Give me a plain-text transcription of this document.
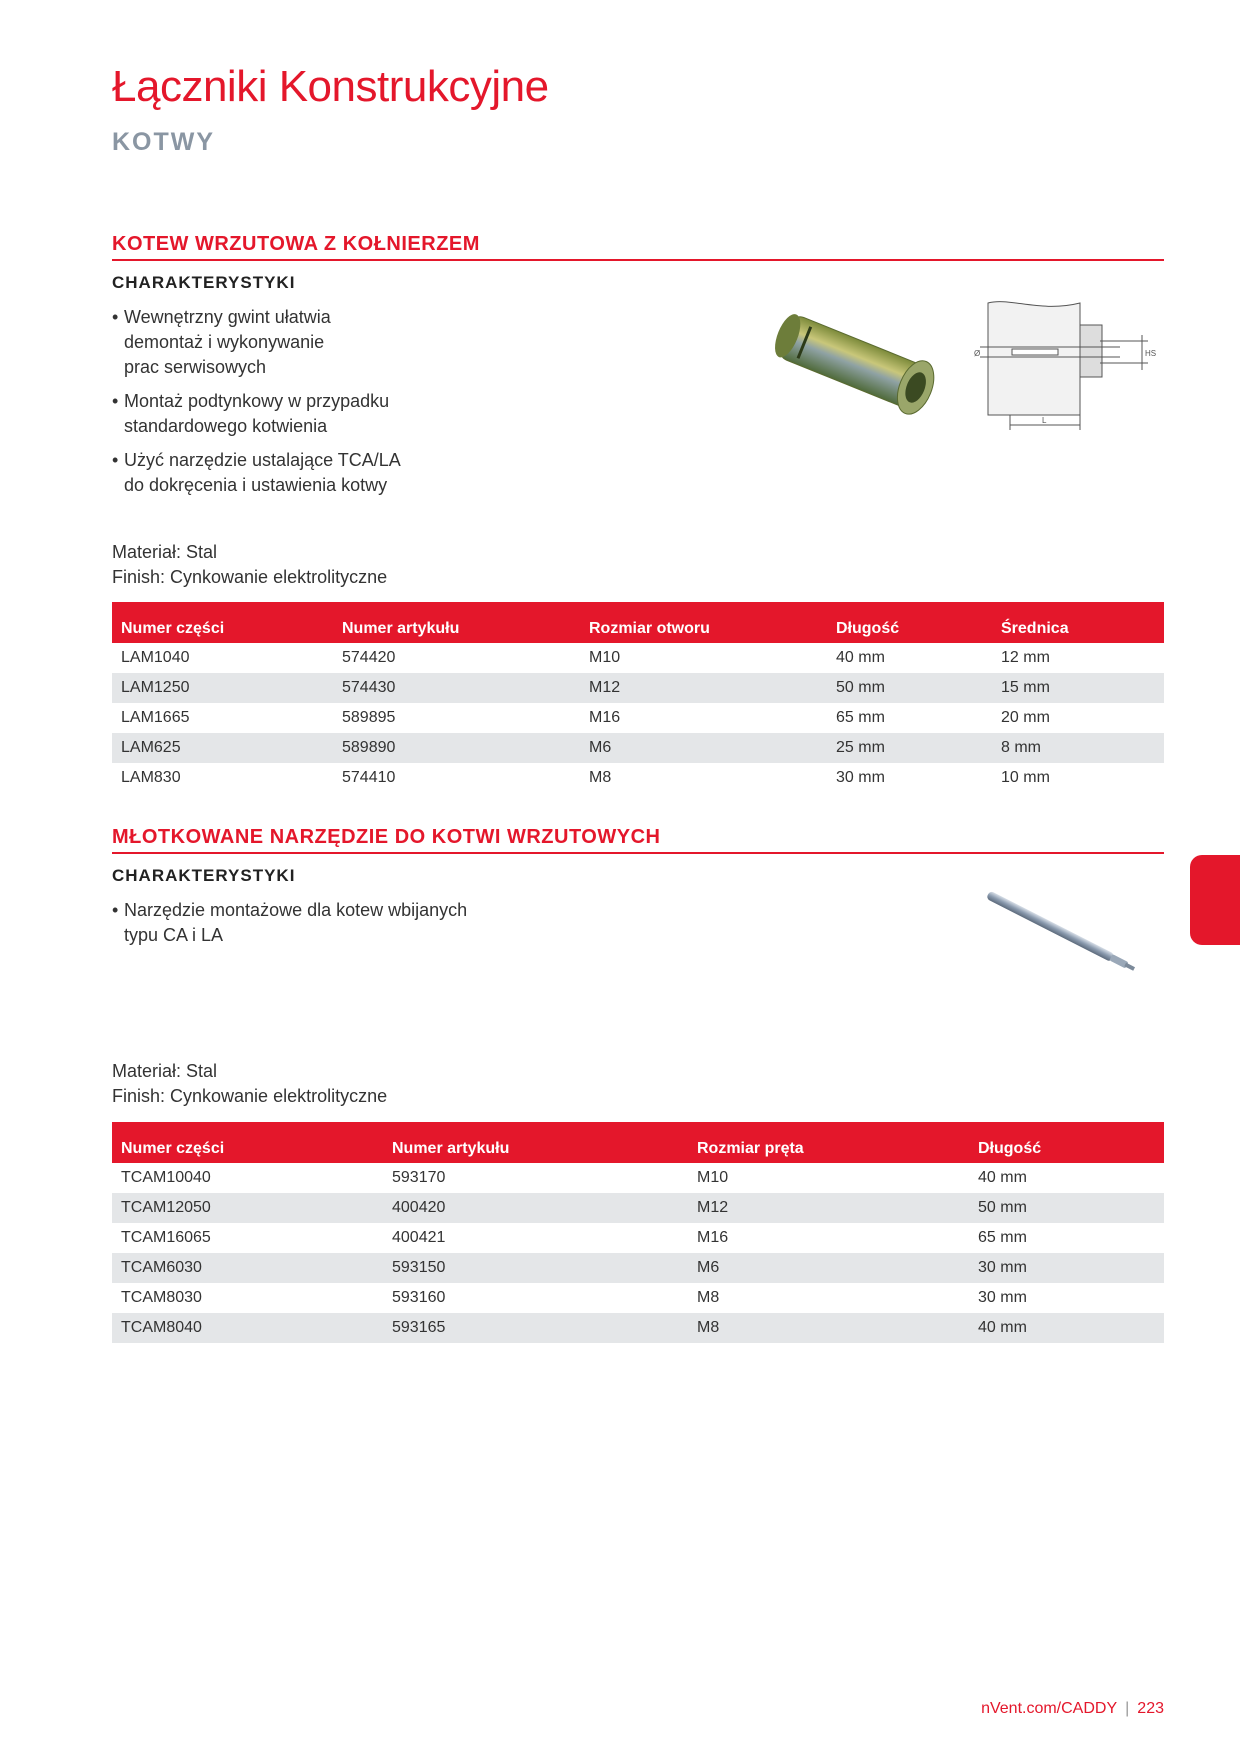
Łączniki Konstrukcyjne
KOTWY
KOTEW WRZUTOWA Z KOŁNIERZEM
CHARAKTERYSTYKI
• Wewnętrzny gwint ułatwia
demontaż i wykonywanie
prac serwisowych
• Montaż podtynkowy w przypadku
standardowego kotwienia
• Użyć narzędzie ustalające TCA/LA
do dokręcenia i ustawienia kotwy
Ø	HS
L
Materiał: Stal
Finish: Cynkowanie elektrolityczne
Numer części	Numer artykułu	Rozmiar otworu	Długość	Średnica
LAM1040	574420	M10	40 mm	12 mm
LAM1250	574430	M12	50 mm	15 mm
LAM1665	589895	M16	65 mm	20 mm
LAM625	589890	M6	25 mm	8 mm
LAM830	574410	M8	30 mm	10 mm
MŁOTKOWANE NARZĘDZIE DO KOTWI WRZUTOWYCH
CHARAKTERYSTYKI
• Narzędzie montażowe dla kotew wbijanych
typu CA i LA
Materiał: Stal
Finish: Cynkowanie elektrolityczne
Numer części	Numer artykułu	Rozmiar pręta	Długość
TCAM10040	593170	M10	40 mm
TCAM12050	400420	M12	50 mm
TCAM16065	400421	M16	65 mm
TCAM6030	593150	M6	30 mm
TCAM8030	593160	M8	30 mm
TCAM8040	593165	M8	40 mm
nVent.com/CADDY | 223
